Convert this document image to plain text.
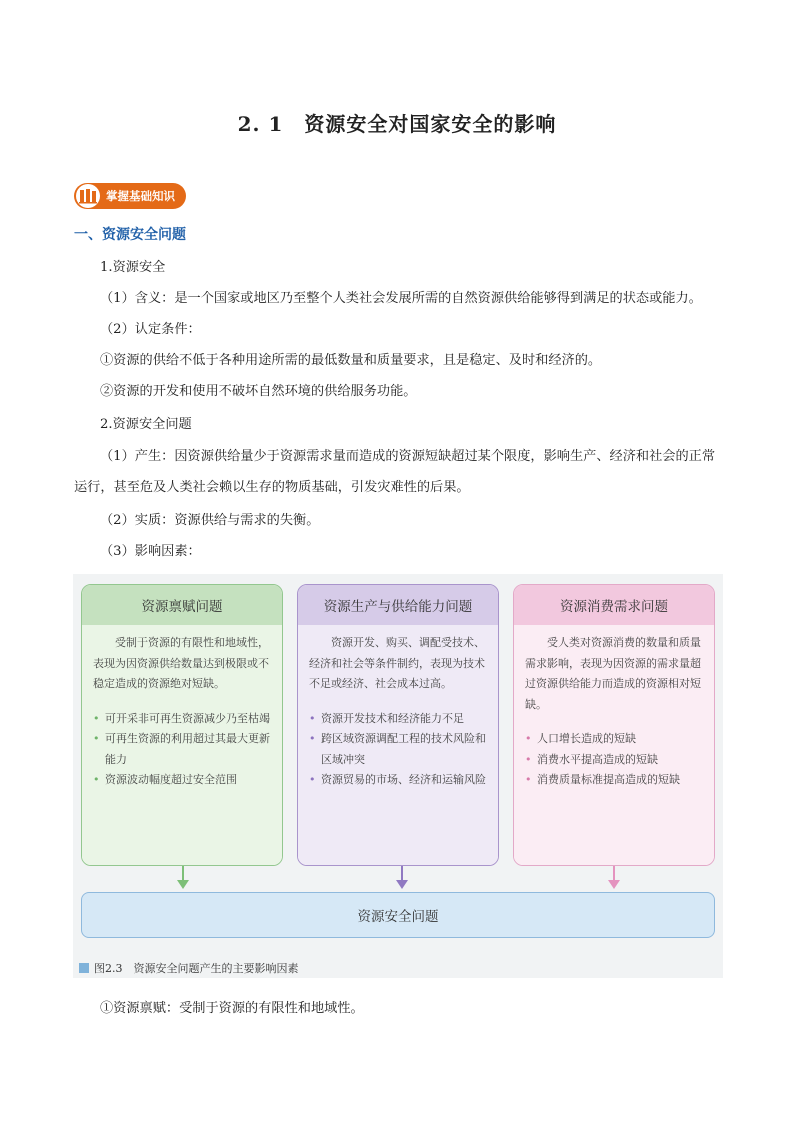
2. 1　资源安全对国家安全的影响
掌握基础知识
一、资源安全问题
1.资源安全
（1）含义：是一个国家或地区乃至整个人类社会发展所需的自然资源供给能够得到满足的状态或能力。
（2）认定条件：
①资源的供给不低于各种用途所需的最低数量和质量要求，且是稳定、及时和经济的。
②资源的开发和使用不破坏自然环境的供给服务功能。
2.资源安全问题
（1）产生：因资源供给量少于资源需求量而造成的资源短缺超过某个限度，影响生产、经济和社会的正常运行，甚至危及人类社会赖以生存的物质基础，引发灾难性的后果。
（2）实质：资源供给与需求的失衡。
（3）影响因素：
资源禀赋问题

受制于资源的有限性和地域性，表现为因资源供给数量达到极限或不稳定造成的资源绝对短缺。

• 可开采非可再生资源减少乃至枯竭
• 可再生资源的利用超过其最大更新能力
• 资源波动幅度超过安全范围
资源生产与供给能力问题

资源开发、购买、调配受技术、经济和社会等条件制约，表现为技术不足或经济、社会成本过高。

• 资源开发技术和经济能力不足
• 跨区域资源调配工程的技术风险和区域冲突
• 资源贸易的市场、经济和运输风险
资源消费需求问题

受人类对资源消费的数量和质量需求影响，表现为因资源的需求量超过资源供给能力而造成的资源相对短缺。

• 人口增长造成的短缺
• 消费水平提高造成的短缺
• 消费质量标准提高造成的短缺
资源安全问题
图2.3　资源安全问题产生的主要影响因素
①资源禀赋：受制于资源的有限性和地域性。
